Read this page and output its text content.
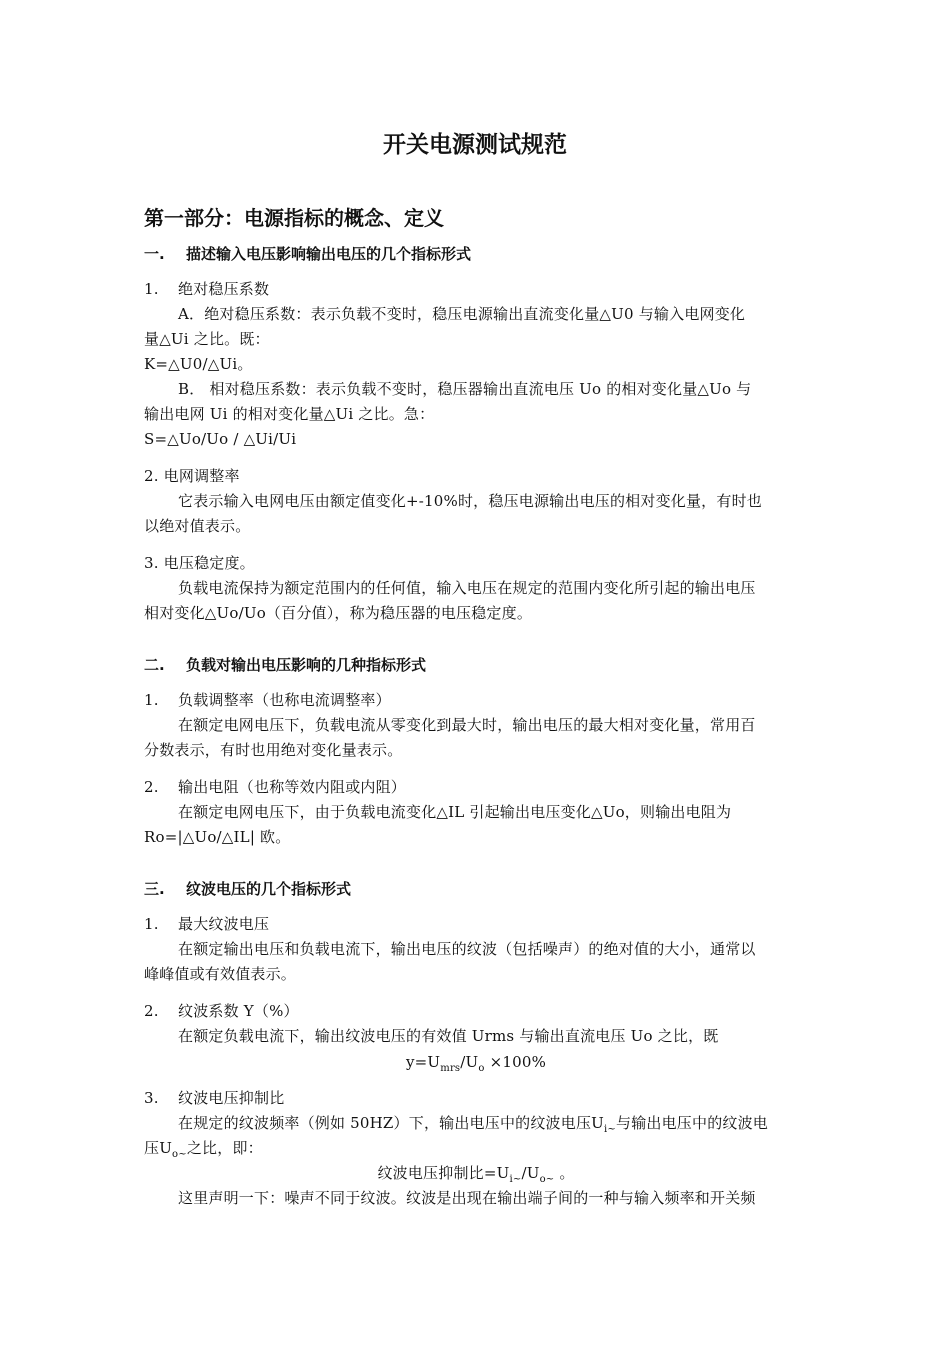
开关电源测试规范
第一部分：电源指标的概念、定义
一. 描述输入电压影响输出电压的几个指标形式
1. 绝对稳压系数
A．绝对稳压系数：表示负载不变时，稳压电源输出直流变化量△U0 与输入电网变化
量△Ui 之比。既：
K=△U0/△Ui。
B． 相对稳压系数：表示负载不变时，稳压器输出直流电压 Uo 的相对变化量△Uo 与
输出电网 Ui 的相对变化量△Ui 之比。急：
S=△Uo/Uo / △Ui/Ui
2. 电网调整率
它表示输入电网电压由额定值变化+-10%时，稳压电源输出电压的相对变化量，有时也
以绝对值表示。
3. 电压稳定度。
负载电流保持为额定范围内的任何值，输入电压在规定的范围内变化所引起的输出电压
相对变化△Uo/Uo（百分值），称为稳压器的电压稳定度。
二. 负载对输出电压影响的几种指标形式
1. 负载调整率（也称电流调整率）
在额定电网电压下，负载电流从零变化到最大时，输出电压的最大相对变化量，常用百
分数表示，有时也用绝对变化量表示。
2. 输出电阻（也称等效内阻或内阻）
在额定电网电压下，由于负载电流变化△IL 引起输出电压变化△Uo，则输出电阻为
Ro=|△Uo/△IL| 欧。
三. 纹波电压的几个指标形式
1. 最大纹波电压
在额定输出电压和负载电流下，输出电压的纹波（包括噪声）的绝对值的大小，通常以
峰峰值或有效值表示。
2. 纹波系数 Y（%）
在额定负载电流下，输出纹波电压的有效值 Urms 与输出直流电压 Uo 之比，既
$y=U_{mrs}/U_o \times 100\%$
3. 纹波电压抑制比
在规定的纹波频率（例如 50HZ）下，输出电压中的纹波电压$U_{i\sim}$与输出电压中的纹波电
压$U_{o\sim}$之比，即：
纹波电压抑制比$=U_{i\sim}/U_{o\sim}$ 。
这里声明一下：噪声不同于纹波。纹波是出现在输出端子间的一种与输入频率和开关频
